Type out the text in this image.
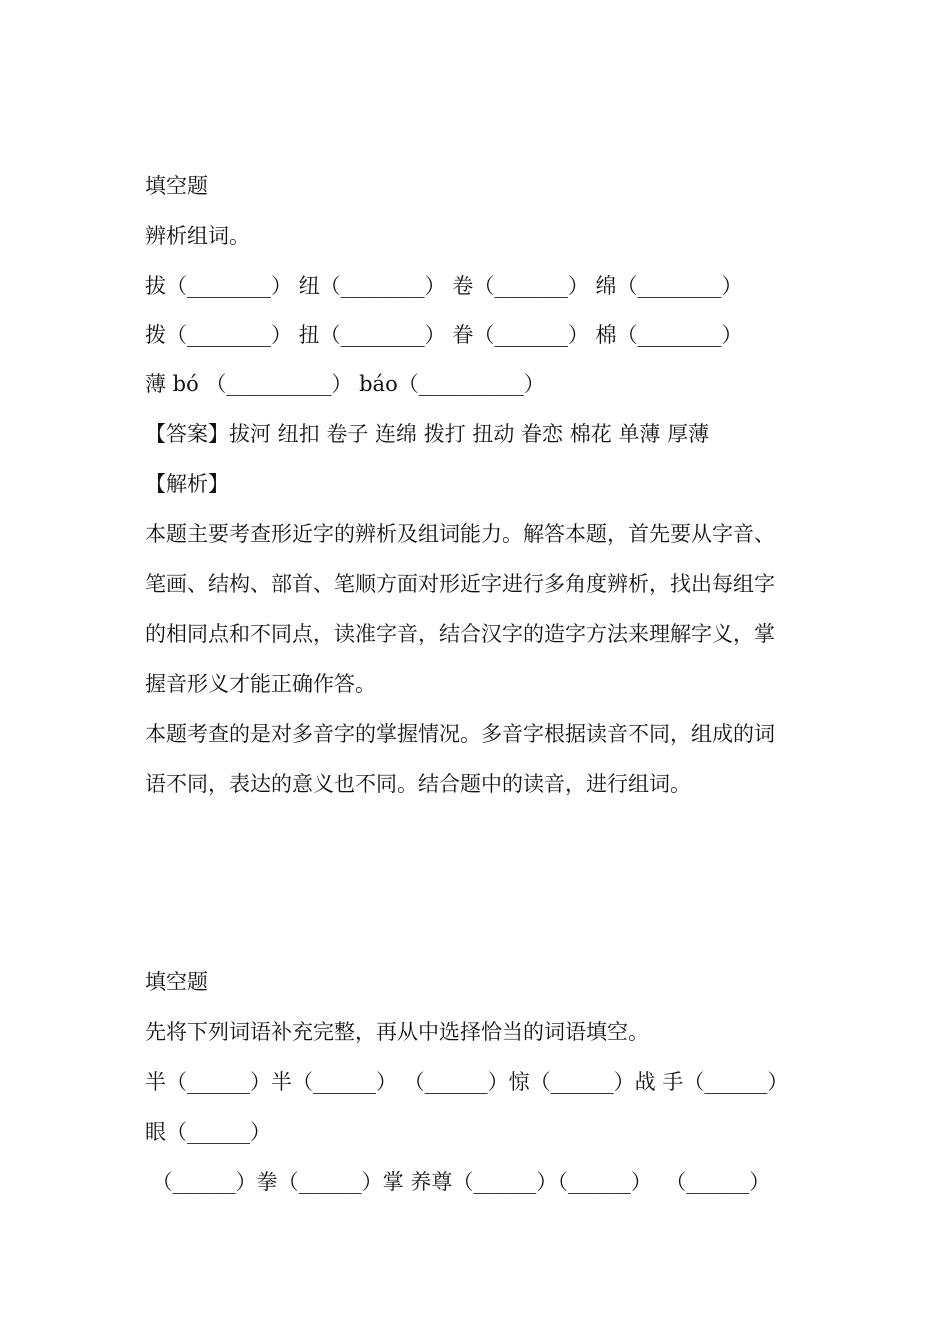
填空题

辨析组词。

拔（________） 纽（________） 卷（_______） 绵（________）

拨（________） 扭（________） 眷（_______） 棉（________）

薄 bó （__________） báo（__________）

【答案】拔河 纽扣 卷子 连绵 拨打 扭动 眷恋 棉花 单薄 厚薄

【解析】

本题主要考查形近字的辨析及组词能力。解答本题，首先要从字音、

笔画、结构、部首、笔顺方面对形近字进行多角度辨析，找出每组字

的相同点和不同点，读准字音，结合汉字的造字方法来理解字义，掌

握音形义才能正确作答。

本题考查的是对多音字的掌握情况。多音字根据读音不同，组成的词

语不同，表达的意义也不同。结合题中的读音，进行组词。

填空题

先将下列词语补充完整，再从中选择恰当的词语填空。

半（______）半（______） （______）惊（______）战 手（______）

眼（______）

（______）拳（______）掌 养尊（______）（______）  （______）
